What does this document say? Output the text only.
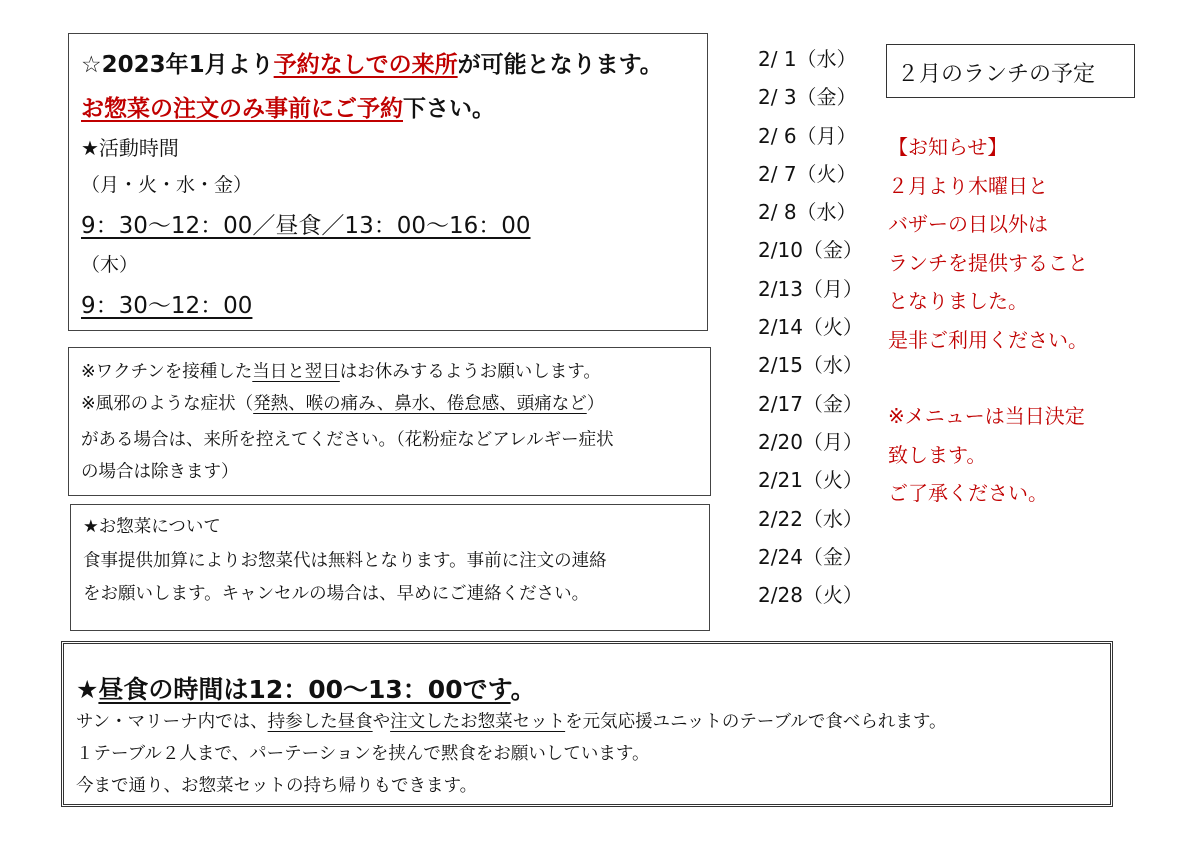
☆2023年1月より予約なしでの来所が可能となります。
お惣菜の注文のみ事前にご予約下さい。
★活動時間
（月・火・水・金）
9：30～12：00／昼食／13：00～16：00
（木）
9：30～12：00
※ワクチンを接種した当日と翌日はお休みするようお願いします。
※風邪のような症状（発熱、喉の痛み、鼻水、倦怠感、頭痛など）
がある場合は、来所を控えてください。（花粉症などアレルギー症状
の場合は除きます）
★お惣菜について
食事提供加算によりお惣菜代は無料となります。事前に注文の連絡
をお願いします。キャンセルの場合は、早めにご連絡ください。
★昼食の時間は12：00～13：00です。
サン・マリーナ内では、持参した昼食や注文したお惣菜セットを元気応援ユニットのテーブルで食べられます。
１テーブル２人まで、パーテーションを挟んで黙食をお願いしています。
今まで通り、お惣菜セットの持ち帰りもできます。
2/ 1（水）
2/ 3（金）
2/ 6（月）
2/ 7（火）
2/ 8（水）
2/10（金）
2/13（月）
2/14（火）
2/15（水）
2/17（金）
2/20（月）
2/21（火）
2/22（水）
2/24（金）
2/28（火）
２月のランチの予定
【お知らせ】
２月より木曜日と
バザーの日以外は
ランチを提供すること
となりました。
是非ご利用ください。
※メニューは当日決定
致します。
ご了承ください。
